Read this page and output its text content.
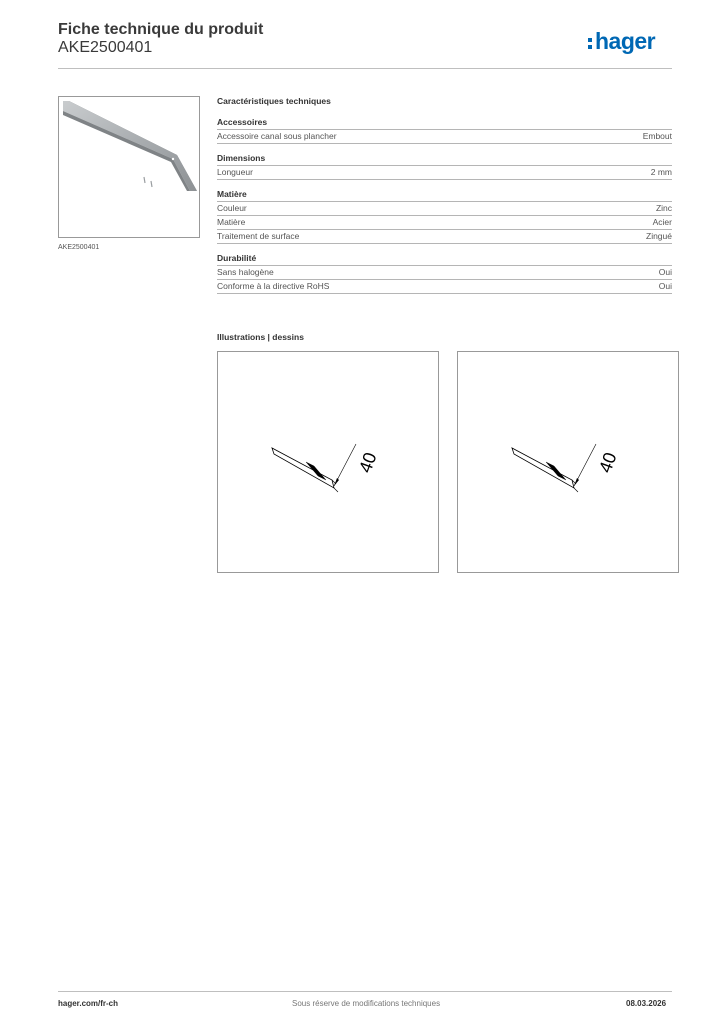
Fiche technique du produit
AKE2500401	hager
AKE2500401
Caractéristiques techniques
Accessoires
Accessoire canal sous plancher	Embout
Dimensions
Longueur	2 mm
Matière
Couleur	Zinc
Matière	Acier
Traitement de surface	Zingué
Durabilité
Sans halogène	Oui
Conforme à la directive RoHS	Oui
Illustrations | dessins
40	40
hager.com/fr-ch	Sous réserve de modifications techniques	08.03.2026
